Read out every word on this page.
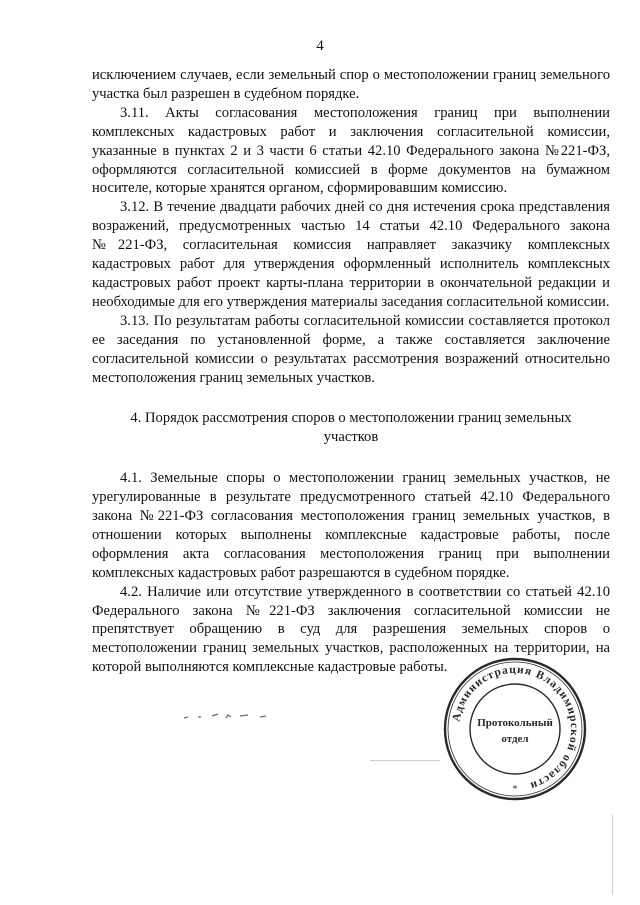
4

исключением случаев, если земельный спор о местоположении границ земельного участка был разрешен в судебном порядке.

3.11. Акты согласования местоположения границ при выполнении комплексных кадастровых работ и заключения согласительной комиссии, указанные в пунктах 2 и 3 части 6 статьи 42.10 Федерального закона №221-ФЗ, оформляются согласительной комиссией в форме документов на бумажном носителе, которые хранятся органом, сформировавшим комиссию.

3.12. В течение двадцати рабочих дней со дня истечения срока представления возражений, предусмотренных частью 14 статьи 42.10 Федерального закона №221-ФЗ, согласительная комиссия направляет заказчику комплексных кадастровых работ для утверждения оформленный исполнитель комплексных кадастровых работ проект карты-плана территории в окончательной редакции и необходимые для его утверждения материалы заседания согласительной комиссии.

3.13. По результатам работы согласительной комиссии составляется протокол ее заседания по установленной форме, а также составляется заключение согласительной комиссии о результатах рассмотрения возражений относительно местоположения границ земельных участков.

4. Порядок рассмотрения споров о местоположении границ земельных участков

4.1. Земельные споры о местоположении границ земельных участков, не урегулированные в результате предусмотренного статьей 42.10 Федерального закона №221-ФЗ согласования местоположения границ земельных участков, в отношении которых выполнены комплексные кадастровые работы, после оформления акта согласования местоположения границ при выполнении комплексных кадастровых работ разрешаются в судебном порядке.

4.2. Наличие или отсутствие утвержденного в соответствии со статьей 42.10 Федерального закона №221-ФЗ заключения согласительной комиссии не препятствует обращению в суд для разрешения земельных споров о местоположении границ земельных участков, расположенных на территории, на которой выполняются комплексные кадастровые работы.

Администрация Владимирской области
Протокольный
отдел
*
